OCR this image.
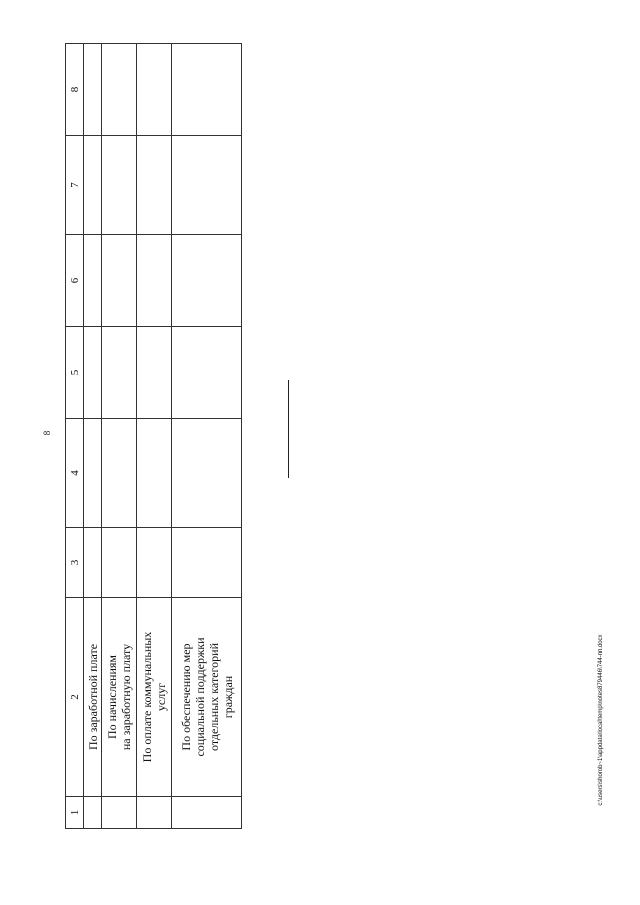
8
1	2	3	4	5	6	7	8

	По заработной плате						

	По начислениям
на заработную плату						

	По оплате коммунальных
услуг						

	По обеспечению мер
социальной поддержки
отдельных категорий
граждан						
							c:\users\shorob~1\appdata\local\temp\notes879446\744-пп.docx
